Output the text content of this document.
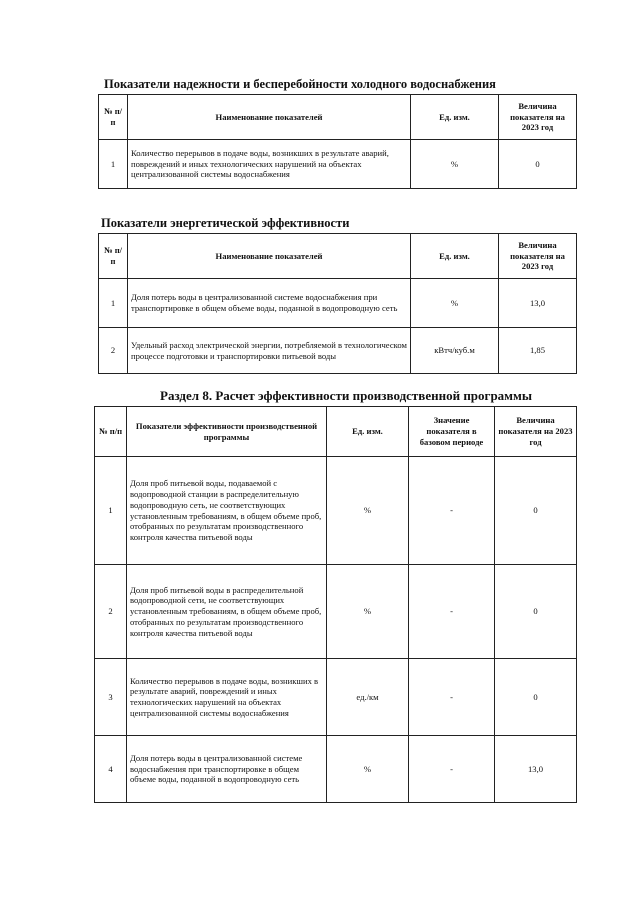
Показатели надежности и бесперебойности холодного водоснабжения
№ п/п	Наименование показателей	Ед. изм.	Величина показателя на 2023 год
1	Количество перерывов в подаче воды, возникших в результате аварий, повреждений и иных технологических нарушений на объектах централизованной системы водоснабжения	%	0
Показатели энергетической эффективности
№ п/п	Наименование показателей	Ед. изм.	Величина показателя на 2023 год
1	Доля потерь воды в централизованной системе водоснабжения при транспортировке в общем объеме воды, поданной в водопроводную сеть	%	13,0
2	Удельный расход электрической энергии, потребляемой в технологическом процессе подготовки и транспортировки питьевой воды	кВтч/куб.м	1,85
Раздел 8. Расчет эффективности производственной программы
№ п/п	Показатели эффективности производственной программы	Ед. изм.	Значение показателя в базовом периоде	Величина показателя на 2023 год
1	Доля проб питьевой воды, подаваемой с водопроводной станции в распределительную водопроводную сеть, не соответствующих установленным требованиям, в общем объеме проб, отобранных по результатам производственного контроля качества питьевой воды	%	-	0
2	Доля проб питьевой воды в распределительной водопроводной сети, не соответствующих установленным требованиям, в общем объеме проб, отобранных по результатам производственного контроля качества питьевой воды	%	-	0
3	Количество перерывов в подаче воды, возникших в результате аварий, повреждений и иных технологических нарушений на объектах централизованной системы водоснабжения	ед./км	-	0
4	Доля потерь воды в централизованной системе водоснабжения при транспортировке в общем объеме воды, поданной в водопроводную сеть	%	-	13,0
